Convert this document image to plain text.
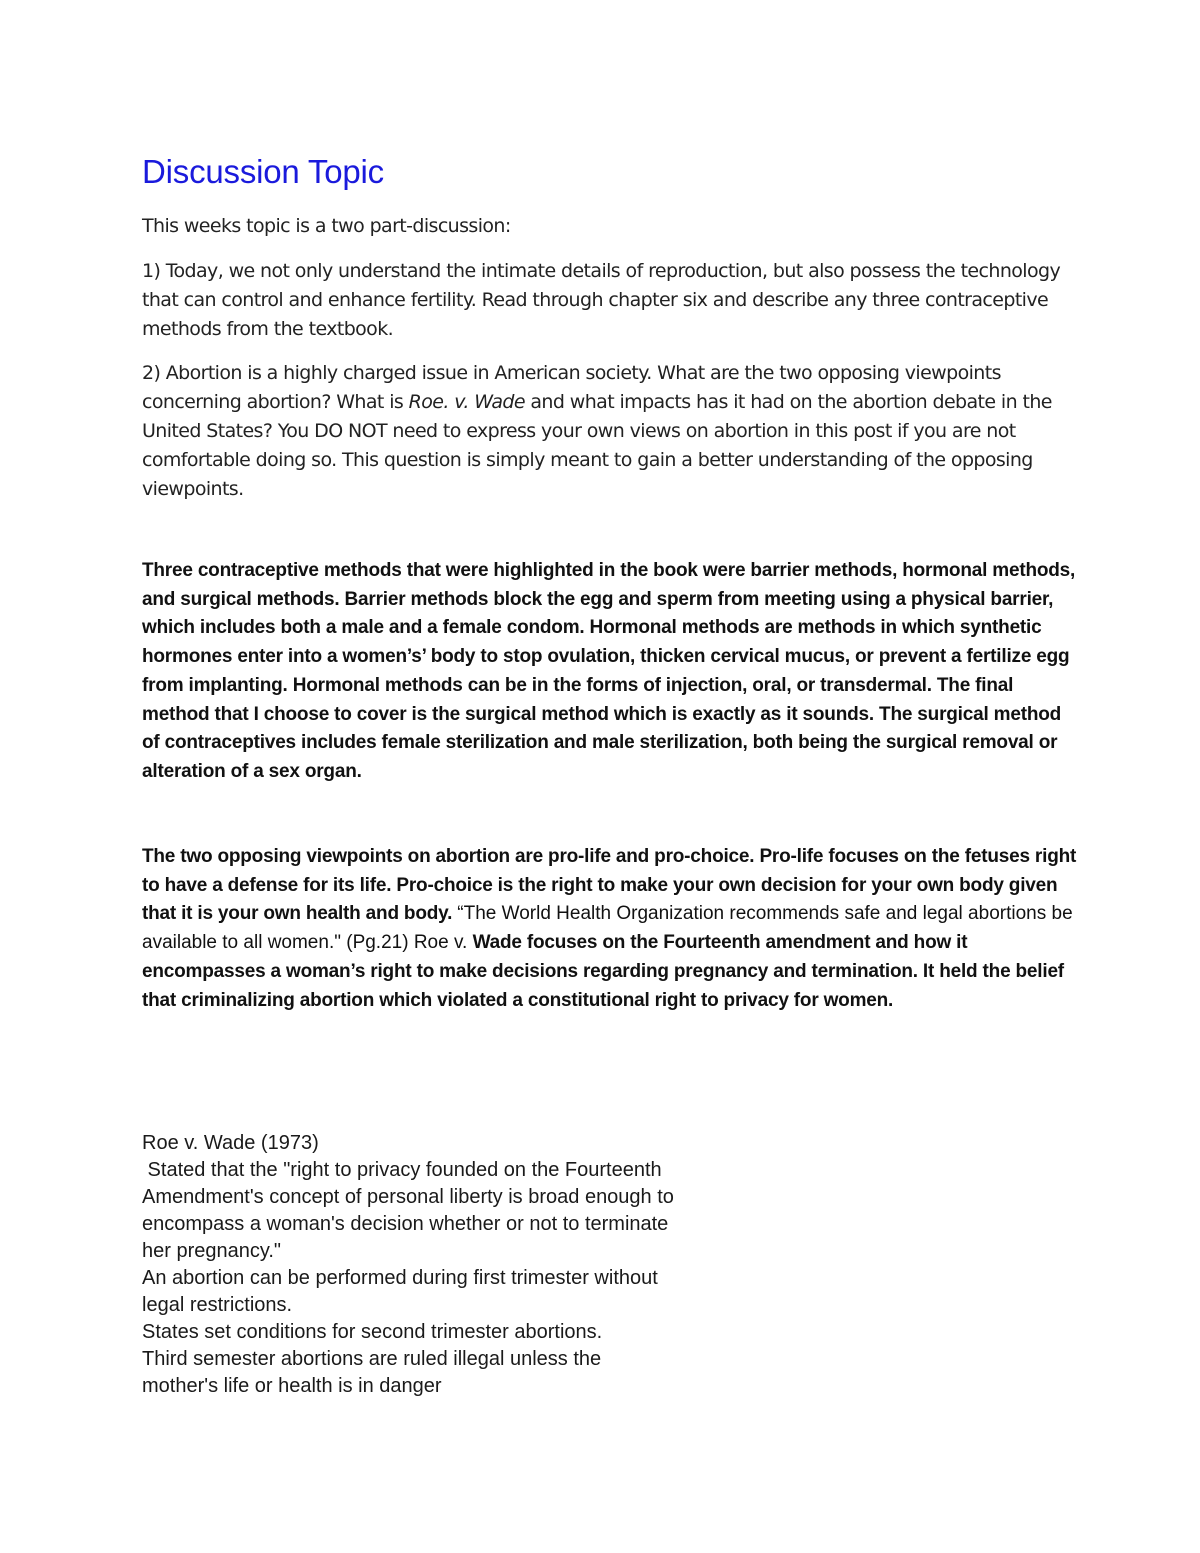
Discussion Topic

This weeks topic is a two part-discussion:

1) Today, we not only understand the intimate details of reproduction, but also possess the technology that can control and enhance fertility. Read through chapter six and describe any three contraceptive methods from the textbook.

2) Abortion is a highly charged issue in American society. What are the two opposing viewpoints concerning abortion? What is Roe. v. Wade and what impacts has it had on the abortion debate in the United States? You DO NOT need to express your own views on abortion in this post if you are not comfortable doing so. This question is simply meant to gain a better understanding of the opposing viewpoints.

Three contraceptive methods that were highlighted in the book were barrier methods, hormonal methods, and surgical methods. Barrier methods block the egg and sperm from meeting using a physical barrier, which includes both a male and a female condom. Hormonal methods are methods in which synthetic hormones enter into a women’s’ body to stop ovulation, thicken cervical mucus, or prevent a fertilize egg from implanting. Hormonal methods can be in the forms of injection, oral, or transdermal. The final method that I choose to cover is the surgical method which is exactly as it sounds. The surgical method of contraceptives includes female sterilization and male sterilization, both being the surgical removal or alteration of a sex organ.

The two opposing viewpoints on abortion are pro-life and pro-choice. Pro-life focuses on the fetuses right to have a defense for its life. Pro-choice is the right to make your own decision for your own body given that it is your own health and body. “The World Health Organization recommends safe and legal abortions be available to all women." (Pg.21) Roe v. Wade focuses on the Fourteenth amendment and how it encompasses a woman’s right to make decisions regarding pregnancy and termination. It held the belief that criminalizing abortion which violated a constitutional right to privacy for women.

Roe v. Wade (1973)
Stated that the "right to privacy founded on the Fourteenth
Amendment's concept of personal liberty is broad enough to
encompass a woman's decision whether or not to terminate
her pregnancy."
An abortion can be performed during first trimester without
legal restrictions.
States set conditions for second trimester abortions.
Third semester abortions are ruled illegal unless the
mother's life or health is in danger
